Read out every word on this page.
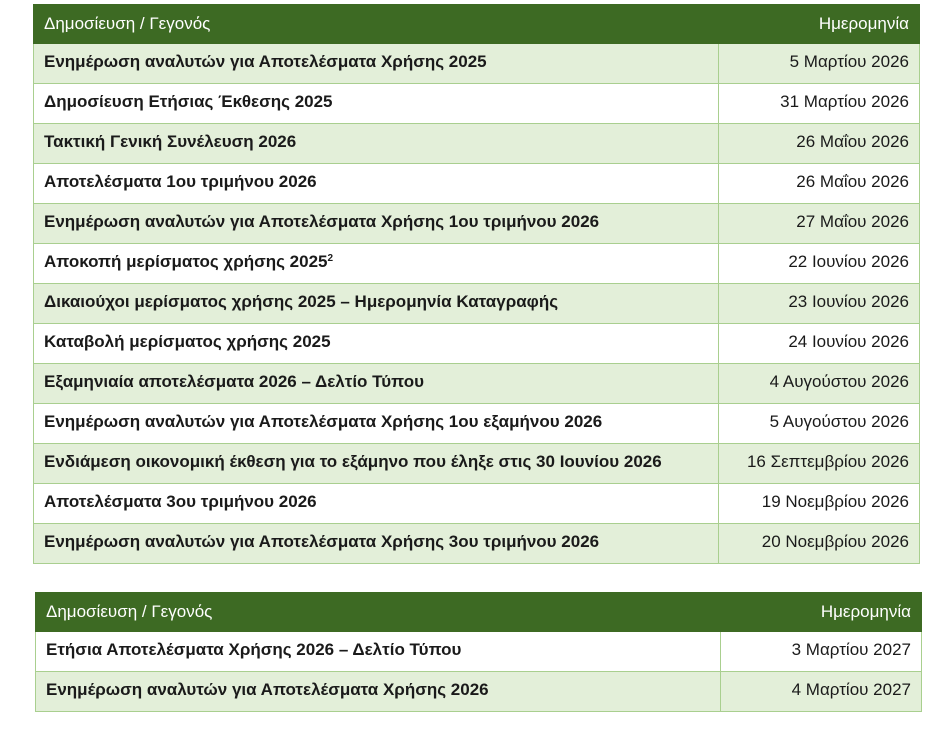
Δημοσίευση / Γεγονός	Ημερομηνία
Ενημέρωση αναλυτών για Αποτελέσματα Χρήσης 2025	5 Μαρτίου 2026
Δημοσίευση Ετήσιας Έκθεσης 2025	31 Μαρτίου 2026
Τακτική Γενική Συνέλευση 2026	26 Μαΐου 2026
Αποτελέσματα 1ου τριμήνου 2026	26 Μαΐου 2026
Ενημέρωση αναλυτών για Αποτελέσματα Χρήσης 1ου τριμήνου 2026	27 Μαΐου 2026
Αποκοπή μερίσματος χρήσης 2025$^2$	22 Ιουνίου 2026
Δικαιούχοι μερίσματος χρήσης 2025 – Ημερομηνία Καταγραφής	23 Ιουνίου 2026
Καταβολή μερίσματος χρήσης 2025	24 Ιουνίου 2026
Εξαμηνιαία αποτελέσματα 2026 – Δελτίο Τύπου	4 Αυγούστου 2026
Ενημέρωση αναλυτών για Αποτελέσματα Χρήσης 1ου εξαμήνου 2026	5 Αυγούστου 2026
Ενδιάμεση οικονομική έκθεση για το εξάμηνο που έληξε στις 30 Ιουνίου 2026	16 Σεπτεμβρίου 2026
Αποτελέσματα 3ου τριμήνου 2026	19 Νοεμβρίου 2026
Ενημέρωση αναλυτών για Αποτελέσματα Χρήσης 3ου τριμήνου 2026	20 Νοεμβρίου 2026
Δημοσίευση / Γεγονός	Ημερομηνία
Ετήσια Αποτελέσματα Χρήσης 2026 – Δελτίο Τύπου	3 Μαρτίου 2027
Ενημέρωση αναλυτών για Αποτελέσματα Χρήσης 2026	4 Μαρτίου 2027
